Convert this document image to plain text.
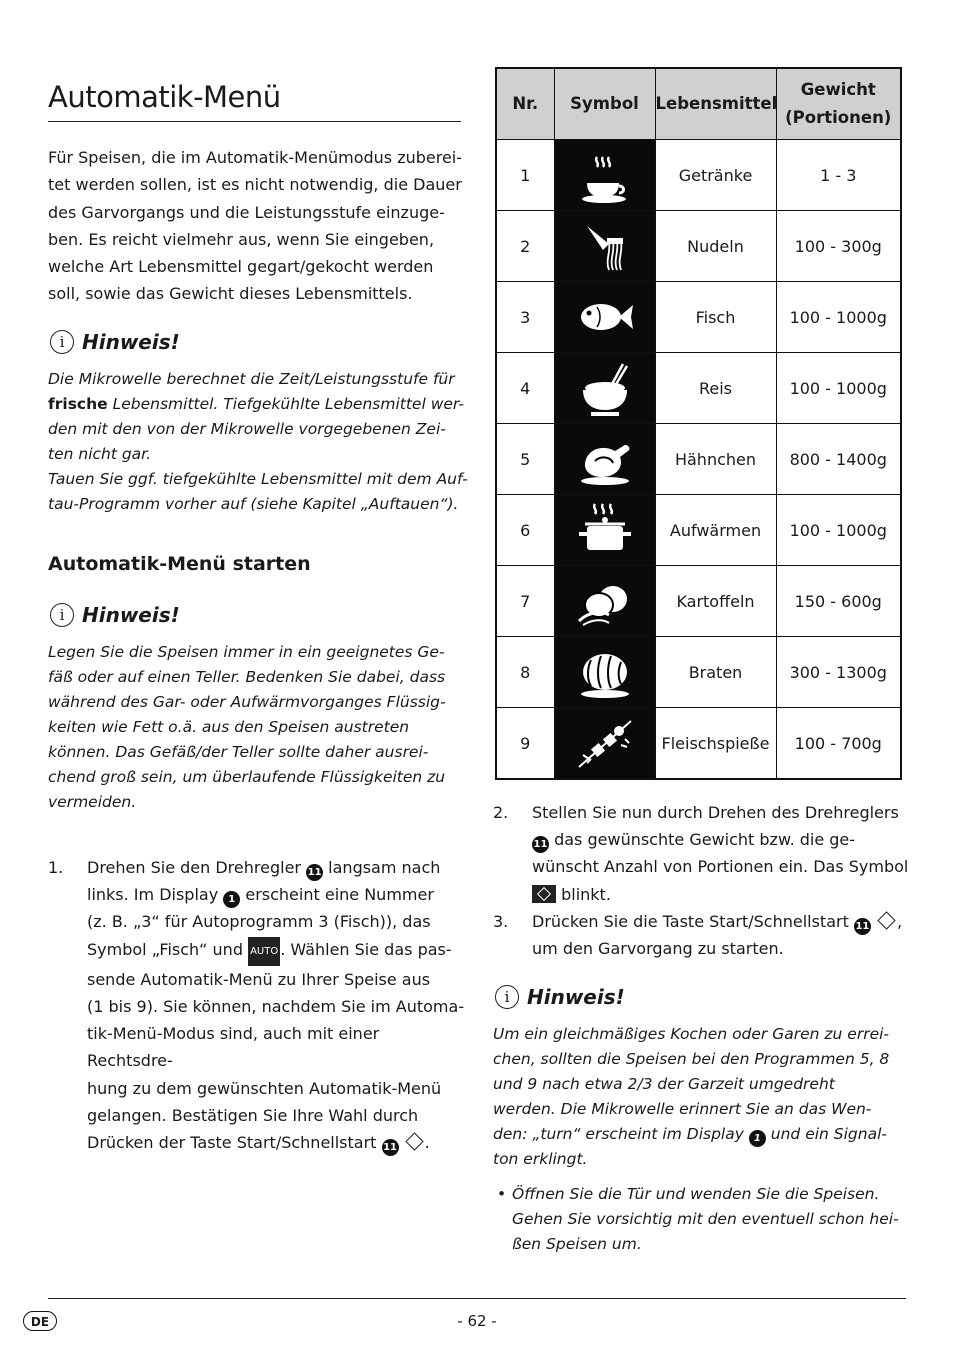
Automatik-Menü
Für Speisen, die im Automatik-Menümodus zuberei-
tet werden sollen, ist es nicht notwendig, die Dauer
des Garvorgangs und die Leistungsstufe einzuge-
ben. Es reicht vielmehr aus, wenn Sie eingeben,
welche Art Lebensmittel gegart/gekocht werden
soll, sowie das Gewicht dieses Lebensmittels.
i Hinweis!
Die Mikrowelle berechnet die Zeit/Leistungsstufe für
frische Lebensmittel. Tiefgekühlte Lebensmittel wer-
den mit den von der Mikrowelle vorgegebenen Zei-
ten nicht gar.
Tauen Sie ggf. tiefgekühlte Lebensmittel mit dem Auf-
tau-Programm vorher auf (siehe Kapitel „Auftauen“).
Automatik-Menü starten
i Hinweis!
Legen Sie die Speisen immer in ein geeignetes Ge-
fäß oder auf einen Teller. Bedenken Sie dabei, dass
während des Gar- oder Aufwärmvorganges Flüssig-
keiten wie Fett o.ä. aus den Speisen austreten
können. Das Gefäß/der Teller sollte daher ausrei-
chend groß sein, um überlaufende Flüssigkeiten zu
vermeiden.
1. Drehen Sie den Drehregler 11 langsam nach
links. Im Display 1 erscheint eine Nummer
(z. B. „3“ für Autoprogramm 3 (Fisch)), das
Symbol „Fisch“ und AUTO . Wählen Sie das pas-
sende Automatik-Menü zu Ihrer Speise aus
(1 bis 9). Sie können, nachdem Sie im Automa-
tik-Menü-Modus sind, auch mit einer Rechtsdre-
hung zu dem gewünschten Automatik-Menü
gelangen. Bestätigen Sie Ihre Wahl durch
Drücken der Taste Start/Schnellstart 11 .
Nr.	Symbol	Lebensmittel	Gewicht (Portionen)
1		Getränke	1 - 3
2		Nudeln	100 - 300g
3		Fisch	100 - 1000g
4		Reis	100 - 1000g
5		Hähnchen	800 - 1400g
6		Aufwärmen	100 - 1000g
7		Kartoffeln	150 - 600g
8		Braten	300 - 1300g
9		Fleischspieße	100 - 700g
2. Stellen Sie nun durch Drehen des Drehreglers
11 das gewünschte Gewicht bzw. die ge-
wünscht Anzahl von Portionen ein. Das Symbol
blinkt.
3. Drücken Sie die Taste Start/Schnellstart 11 ,
um den Garvorgang zu starten.
i Hinweis!
Um ein gleichmäßiges Kochen oder Garen zu errei-
chen, sollten die Speisen bei den Programmen 5, 8
und 9 nach etwa 2/3 der Garzeit umgedreht
werden. Die Mikrowelle erinnert Sie an das Wen-
den: „turn“ erscheint im Display 1 und ein Signal-
ton erklingt.
• Öffnen Sie die Tür und wenden Sie die Speisen.
Gehen Sie vorsichtig mit den eventuell schon hei-
ßen Speisen um.
DE	- 62 -
